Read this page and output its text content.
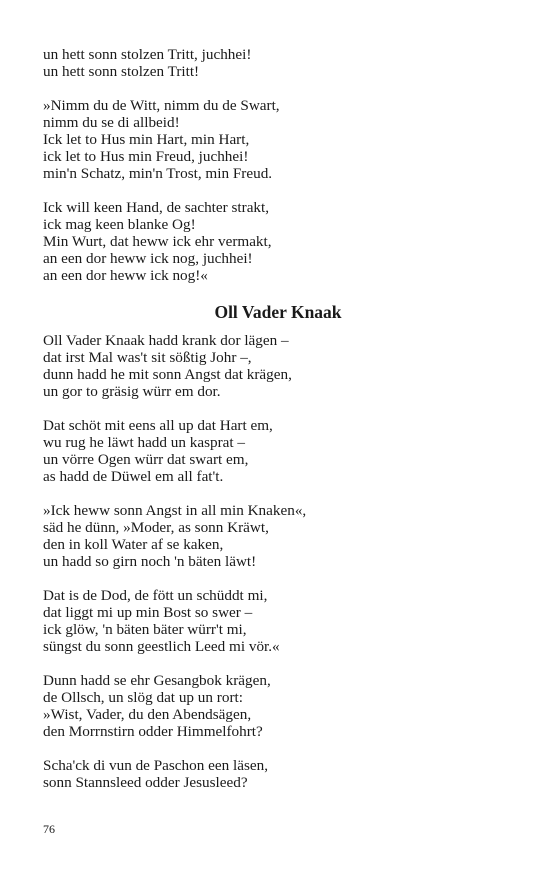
un hett sonn stolzen Tritt, juchhei!
un hett sonn stolzen Tritt!
»Nimm du de Witt, nimm du de Swart,
nimm du se di allbeid!
Ick let to Hus min Hart, min Hart,
ick let to Hus min Freud, juchhei!
min'n Schatz, min'n Trost, min Freud.
Ick will keen Hand, de sachter strakt,
ick mag keen blanke Og!
Min Wurt, dat heww ick ehr vermakt,
an een dor heww ick nog, juchhei!
an een dor heww ick nog!«
Oll Vader Knaak
Oll Vader Knaak hadd krank dor lägen –
dat irst Mal was't sit sößtig Johr –,
dunn hadd he mit sonn Angst dat krägen,
un gor to gräsig würr em dor.
Dat schöt mit eens all up dat Hart em,
wu rug he läwt hadd un kasprat –
un vörre Ogen würr dat swart em,
as hadd de Düwel em all fat't.
»Ick heww sonn Angst in all min Knaken«,
säd he dünn, »Moder, as sonn Kräwt,
den in koll Water af se kaken,
un hadd so girn noch 'n bäten läwt!
Dat is de Dod, de fött un schüddt mi,
dat liggt mi up min Bost so swer –
ick glöw, 'n bäten bäter würr't mi,
süngst du sonn geestlich Leed mi vör.«
Dunn hadd se ehr Gesangbok krägen,
de Ollsch, un slög dat up un rort:
»Wist, Vader, du den Abendsägen,
den Morrnstirn odder Himmelfohrt?
Scha'ck di vun de Paschon een läsen,
sonn Stannsleed odder Jesusleed?
76
